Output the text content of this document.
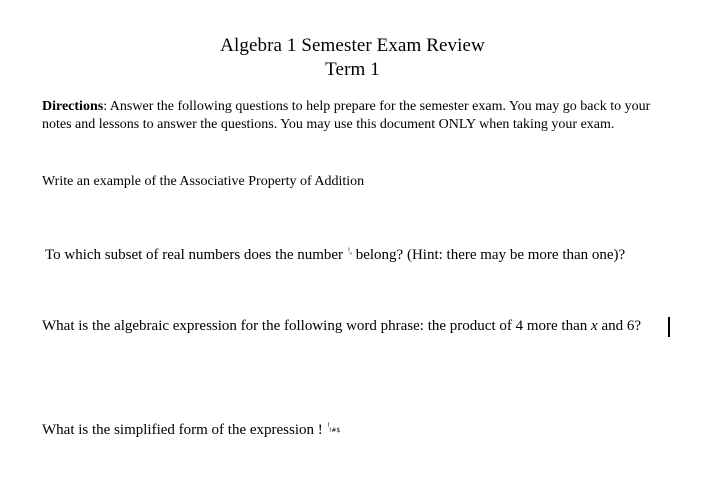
Algebra 1 Semester Exam Review
Term 1
Directions: Answer the following questions to help prepare for the semester exam. You may go back to your notes and lessons to answer the questions. You may use this document ONLY when taking your exam.
Write an example of the Associative Property of Addition
To which subset of real numbers does the number !" belong? (Hint: there may be more than one)?
What is the algebraic expression for the following word phrase: the product of 4 more than x and 6?
What is the simplified form of the expression ! !!#$
